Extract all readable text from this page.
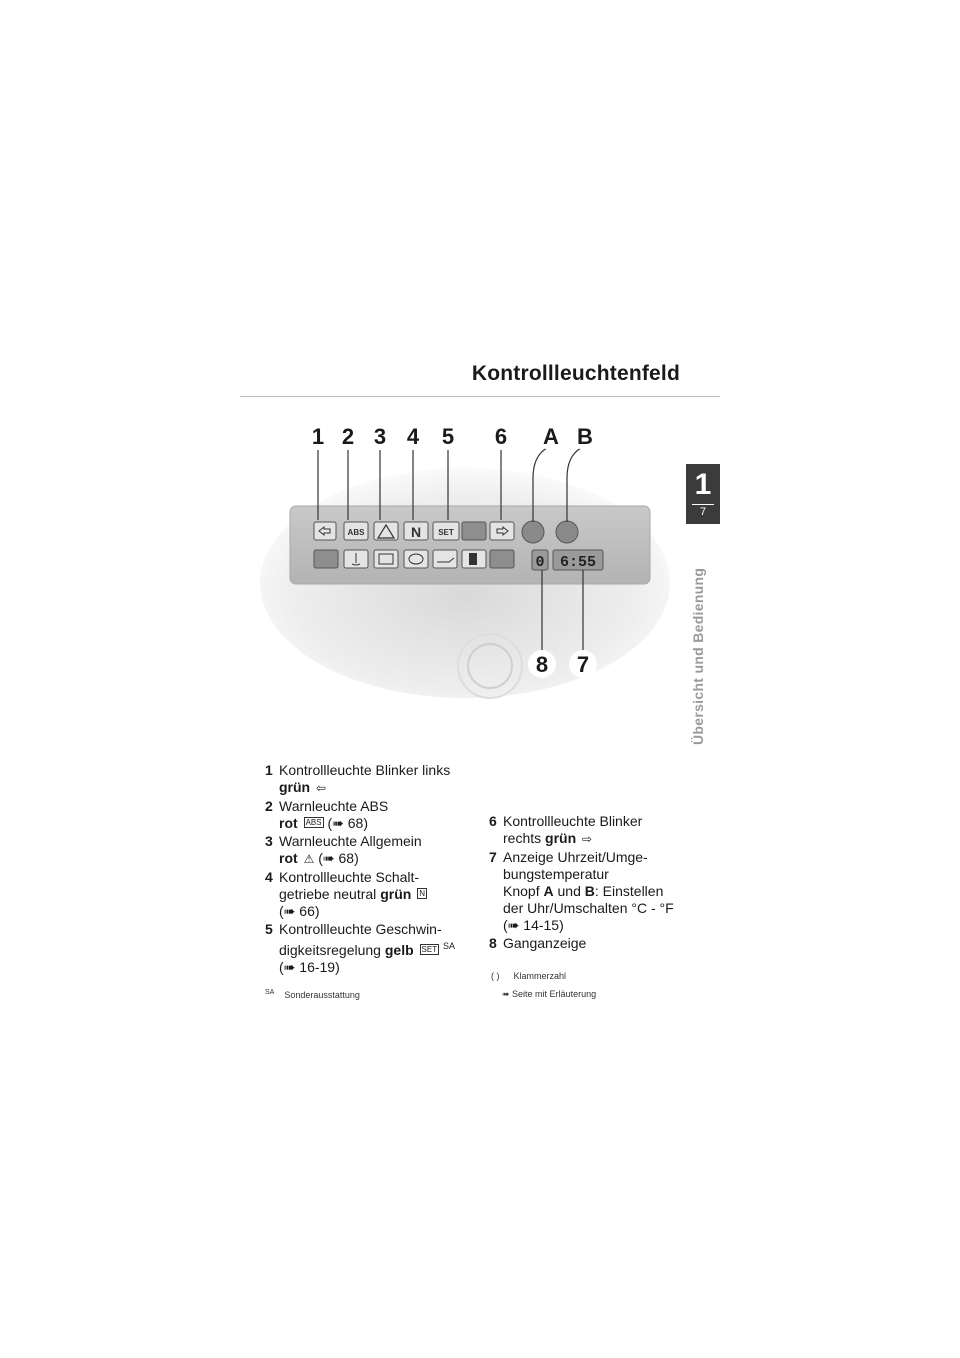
Kontrollleuchtenfeld
1
7
Übersicht und Bedienung
ABS	N SET
0 6:55
1 2 3 4 5 6 A B
8 7
1 Kontrollleuchte Blinker links
grün ⇦
2 Warnleuchte ABS
rot ABS (➠ 68)
3 Warnleuchte Allgemein
rot ⚠ (➠ 68)
4 Kontrollleuchte Schalt-
getriebe neutral grün N
(➠ 66)
5 Kontrollleuchte Geschwin-
digkeitsregelung gelb SET $^{SA}$
(➠ 16-19)
6 Kontrollleuchte Blinker
rechts grün ⇨
7 Anzeige Uhrzeit/Umge-
bungstemperatur
Knopf A und B: Einstellen
der Uhr/Umschalten °C - °F
(➠ 14-15)
8 Ganganzeige
( ) Klammerzahl
$^{SA}$ Sonderausstattung	➠ Seite mit Erläuterung
